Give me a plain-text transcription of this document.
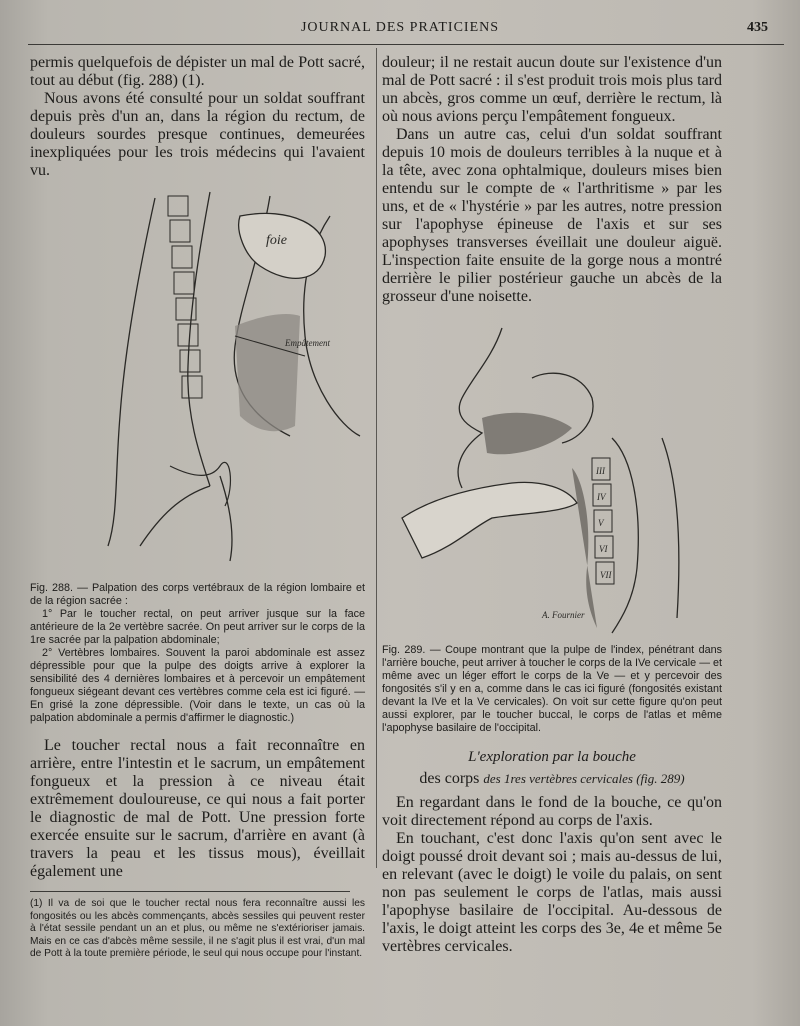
JOURNAL DES PRATICIENS	435

permis quelquefois de dépister un mal de Pott sacré, tout au début (fig. 288) (1).

Nous avons été consulté pour un soldat souffrant depuis près d'un an, dans la région du rectum, de douleurs sourdes presque continues, demeurées inexpliquées pour les trois médecins qui l'avaient vu.

Fig. 288. — Palpation des corps vertébraux de la région lombaire et de la région sacrée :
1° Par le toucher rectal, on peut arriver jusque sur la face antérieure de la 2e vertèbre sacrée. On peut arriver sur le corps de la 1re sacrée par la palpation abdominale;
2° Vertèbres lombaires. Souvent la paroi abdominale est assez dépressible pour que la pulpe des doigts arrive à explorer la sensibilité des 4 dernières lombaires et à percevoir un empâtement fongueux siégeant devant ces vertèbres comme cela est ici figuré. — En grisé la zone dépressible. (Voir dans le texte, un cas où la palpation abdominale a permis d'affirmer le diagnostic.)

Le toucher rectal nous a fait reconnaître en arrière, entre l'intestin et le sacrum, un empâtement fongueux et la pression à ce niveau était extrêmement douloureuse, ce qui nous a fait porter le diagnostic de mal de Pott. Une pression forte exercée ensuite sur le sacrum, d'arrière en avant (à travers la peau et les tissus mous), éveillait également une

(1) Il va de soi que le toucher rectal nous fera reconnaître aussi les fongosités ou les abcès commençants, abcès sessiles qui peuvent rester à l'état sessile pendant un an et plus, ou même ne s'extérioriser jamais. Mais en ce cas d'abcès même sessile, il ne s'agit plus il est vrai, d'un mal de Pott à la toute première période, le seul qui nous occupe pour l'instant.

foie
Empâtement

douleur; il ne restait aucun doute sur l'existence d'un mal de Pott sacré : il s'est produit trois mois plus tard un abcès, gros comme un œuf, derrière le rectum, là où nous avions perçu l'empâtement fongueux.

Dans un autre cas, celui d'un soldat souffrant depuis 10 mois de douleurs terribles à la nuque et à la tête, avec zona ophtalmique, douleurs mises bien entendu sur le compte de « l'arthritisme » par les uns, et de « l'hystérie » par les autres, notre pression sur l'apophyse épineuse de l'axis et sur ses apophyses transverses éveillait une douleur aiguë. L'inspection faite ensuite de la gorge nous a montré derrière le pilier postérieur gauche un abcès de la grosseur d'une noisette.

Fig. 289. — Coupe montrant que la pulpe de l'index, pénétrant dans l'arrière bouche, peut arriver à toucher le corps de la IVe cervicale — et même avec un léger effort le corps de la Ve — et y percevoir des fongosités s'il y en a, comme dans le cas ici figuré (fongosités existant devant la IVe et la Ve cervicales). On voit sur cette figure qu'on peut aussi explorer, par le toucher buccal, le corps de l'atlas et même l'apophyse basilaire de l'occipital.

L'exploration par la bouche

des corps des 1res vertèbres cervicales (fig. 289)

En regardant dans le fond de la bouche, ce qu'on voit directement répond au corps de l'axis.

En touchant, c'est donc l'axis qu'on sent avec le doigt poussé droit devant soi ; mais au-dessus de lui, en relevant (avec le doigt) le voile du palais, on sent non pas seulement le corps de l'atlas, mais aussi l'apophyse basilaire de l'occipital. Au-dessous de l'axis, le doigt atteint les corps des 3e, 4e et même 5e vertèbres cervicales.

III
IV
V
VI
VII
A. Fournier
